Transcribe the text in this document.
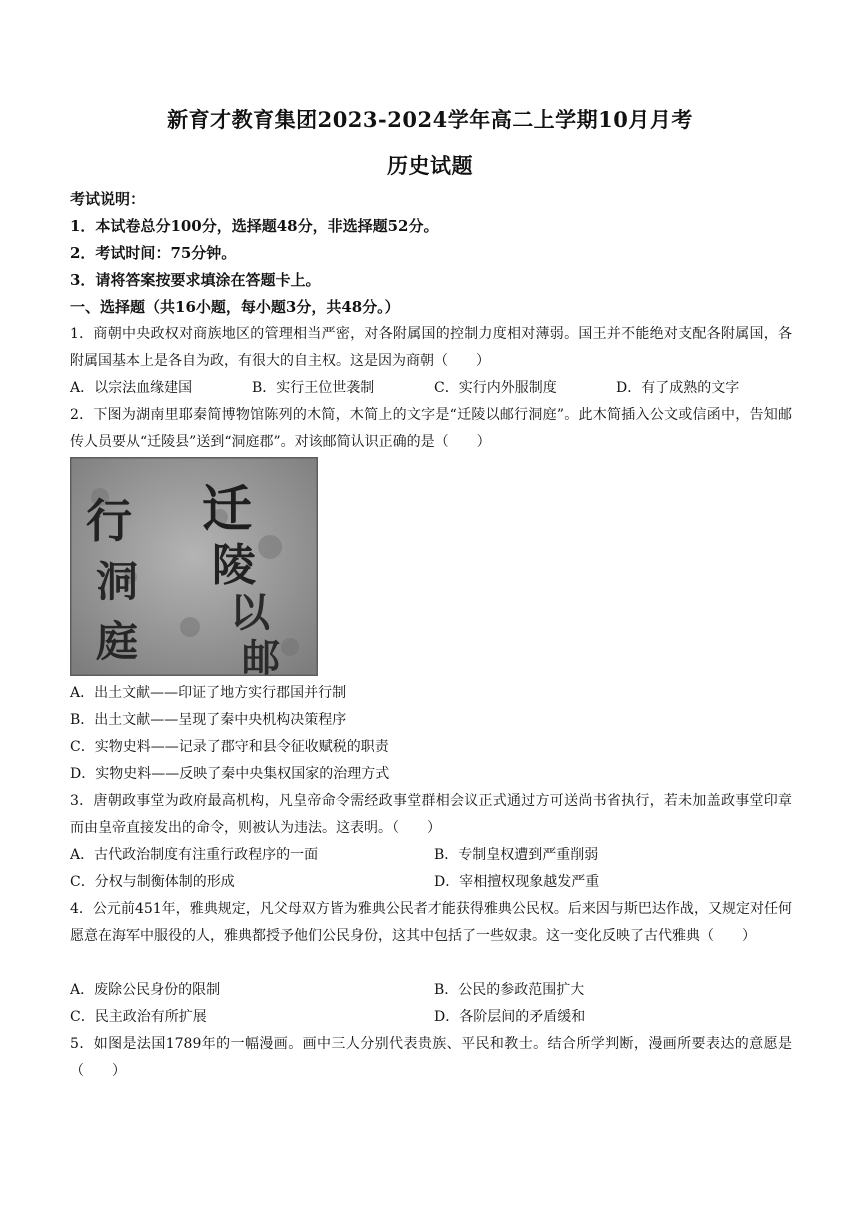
新育才教育集团2023-2024学年高二上学期10月月考
历史试题
考试说明：
1．本试卷总分100分，选择题48分，非选择题52分。
2．考试时间：75分钟。
3．请将答案按要求填涂在答题卡上。
一、选择题（共16小题，每小题3分，共48分。）
1．商朝中央政权对商族地区的管理相当严密，对各附属国的控制力度相对薄弱。国王并不能绝对支配各附属国，各附属国基本上是各自为政，有很大的自主权。这是因为商朝（　　）
A．以宗法血缘建国	B．实行王位世袭制	C．实行内外服制度	D．有了成熟的文字
2．下图为湖南里耶秦简博物馆陈列的木简，木简上的文字是“迁陵以邮行洞庭”。此木简插入公文或信函中，告知邮传人员要从“迁陵县”送到“洞庭郡”。对该邮简认识正确的是（　　）
迁
陵
以
邮
行
洞
庭
A．出土文献——印证了地方实行郡国并行制
B．出土文献——呈现了秦中央机构决策程序
C．实物史料——记录了郡守和县令征收赋税的职责
D．实物史料——反映了秦中央集权国家的治理方式
3．唐朝政事堂为政府最高机构，凡皇帝命令需经政事堂群相会议正式通过方可送尚书省执行，若未加盖政事堂印章而由皇帝直接发出的命令，则被认为违法。这表明。（　　）
A．古代政治制度有注重行政程序的一面	B．专制皇权遭到严重削弱
C．分权与制衡体制的形成	D．宰相擅权现象越发严重
4．公元前451年，雅典规定，凡父母双方皆为雅典公民者才能获得雅典公民权。后来因与斯巴达作战，又规定对任何愿意在海军中服役的人，雅典都授予他们公民身份，这其中包括了一些奴隶。这一变化反映了古代雅典（　　）
A．废除公民身份的限制	B．公民的参政范围扩大
C．民主政治有所扩展	D．各阶层间的矛盾缓和
5．如图是法国1789年的一幅漫画。画中三人分别代表贵族、平民和教士。结合所学判断，漫画所要表达的意愿是（　　）
